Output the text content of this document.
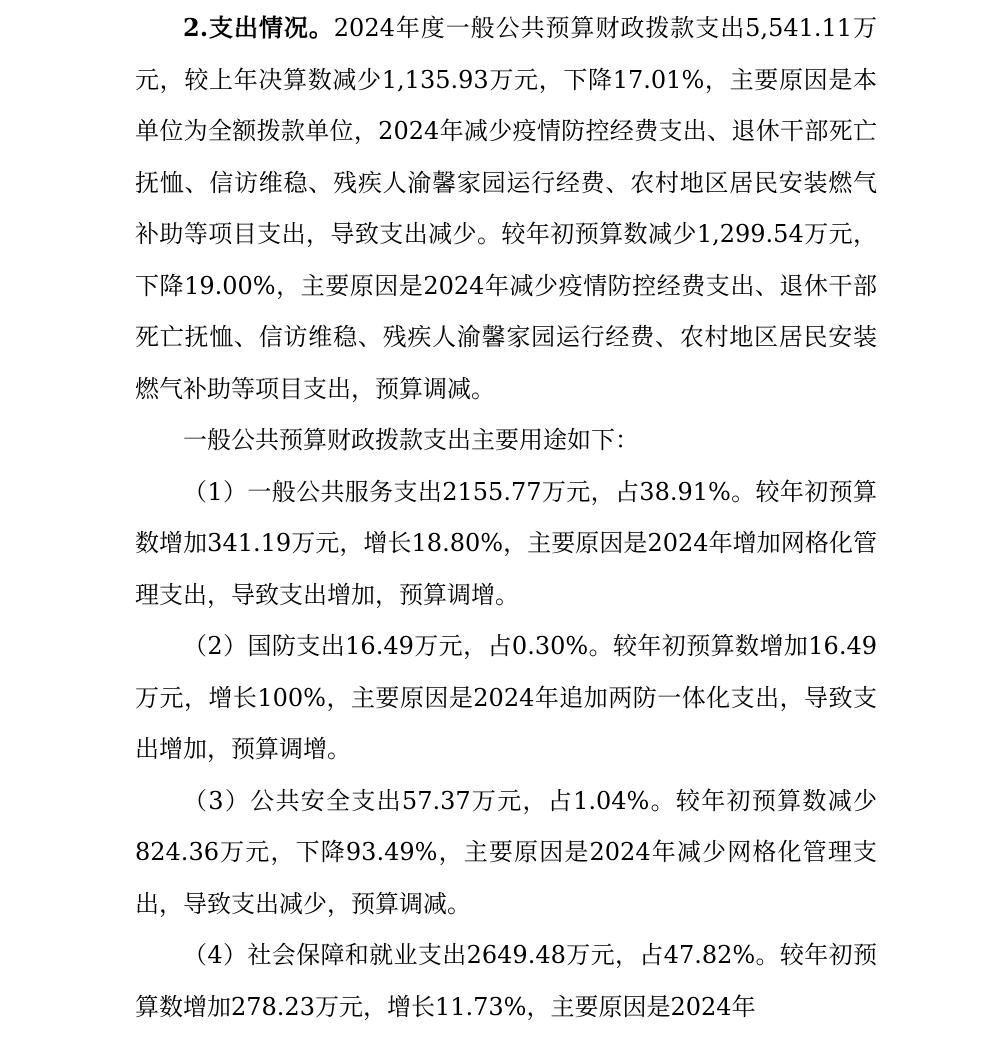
2.支出情况。2024年度一般公共预算财政拨款支出5,541.11万元，较上年决算数减少1,135.93万元，下降17.01%，主要原因是本单位为全额拨款单位，2024年减少疫情防控经费支出、退休干部死亡抚恤、信访维稳、残疾人渝馨家园运行经费、农村地区居民安装燃气补助等项目支出，导致支出减少。较年初预算数减少1,299.54万元，下降19.00%，主要原因是2024年减少疫情防控经费支出、退休干部死亡抚恤、信访维稳、残疾人渝馨家园运行经费、农村地区居民安装燃气补助等项目支出，预算调减。

一般公共预算财政拨款支出主要用途如下：

（1）一般公共服务支出2155.77万元，占38.91%。较年初预算数增加341.19万元，增长18.80%，主要原因是2024年增加网格化管理支出，导致支出增加，预算调增。

（2）国防支出16.49万元，占0.30%。较年初预算数增加16.49万元，增长100%，主要原因是2024年追加两防一体化支出，导致支出增加，预算调增。

（3）公共安全支出57.37万元，占1.04%。较年初预算数减少824.36万元，下降93.49%，主要原因是2024年减少网格化管理支出，导致支出减少，预算调减。

（4）社会保障和就业支出2649.48万元，占47.82%。较年初预算数增加278.23万元，增长11.73%，主要原因是2024年
